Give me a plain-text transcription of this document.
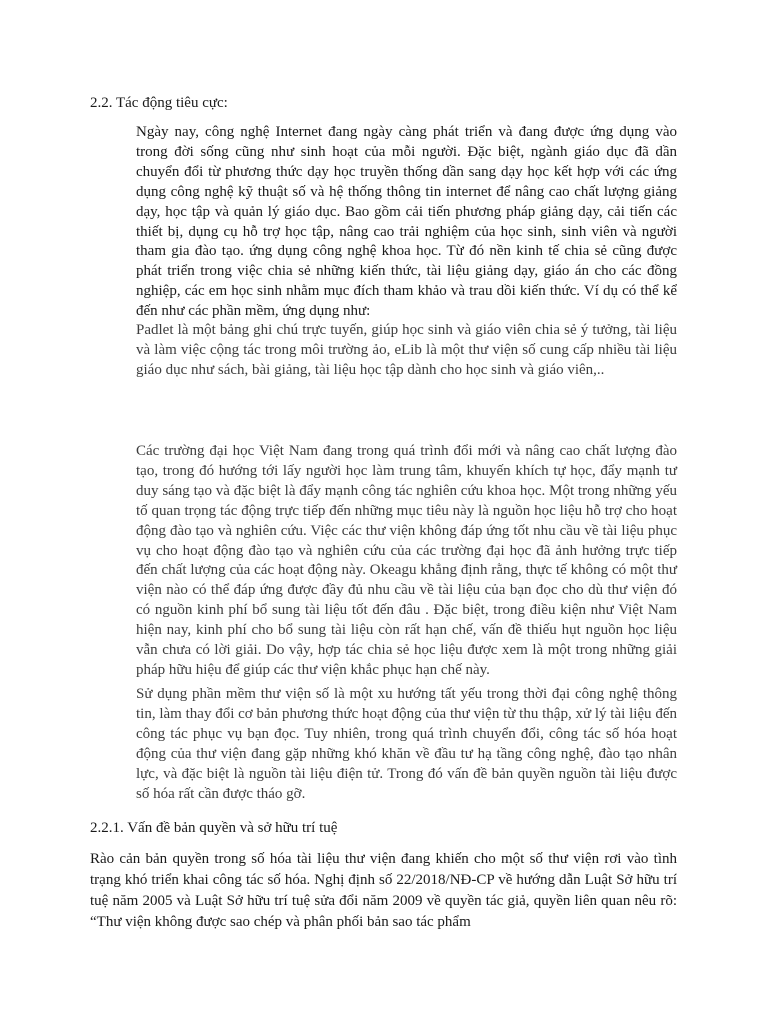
2.2. Tác động tiêu cực:

Ngày nay, công nghệ Internet đang ngày càng phát triển và đang được ứng dụng vào trong đời sống cũng như sinh hoạt của mỗi người. Đặc biệt, ngành giáo dục đã dần chuyển đổi từ phương thức dạy học truyền thống dần sang dạy học kết hợp với các ứng dụng công nghệ kỹ thuật số và hệ thống thông tin internet để nâng cao chất lượng giảng dạy, học tập và quản lý giáo dục. Bao gồm cải tiến phương pháp giảng dạy, cải tiến các thiết bị, dụng cụ hỗ trợ học tập, nâng cao trải nghiệm của học sinh, sinh viên và người tham gia đào tạo. ứng dụng công nghệ khoa học. Từ đó nền kinh tế chia sẻ cũng được phát triển trong việc chia sẻ những kiến thức, tài liệu giảng dạy, giáo án cho các đồng nghiệp, các em học sinh nhằm mục đích tham khảo và trau dồi kiến thức. Ví dụ có thể kể đến như các phần mềm, ứng dụng như:

Padlet là một bảng ghi chú trực tuyến, giúp học sinh và giáo viên chia sẻ ý tưởng, tài liệu và làm việc cộng tác trong môi trường ảo, eLib là một thư viện số cung cấp nhiều tài liệu giáo dục như sách, bài giảng, tài liệu học tập dành cho học sinh và giáo viên,..

Các trường đại học Việt Nam đang trong quá trình đổi mới và nâng cao chất lượng đào tạo, trong đó hướng tới lấy người học làm trung tâm, khuyến khích tự học, đẩy mạnh tư duy sáng tạo và đặc biệt là đẩy mạnh công tác nghiên cứu khoa học. Một trong những yếu tố quan trọng tác động trực tiếp đến những mục tiêu này là nguồn học liệu hỗ trợ cho hoạt động đào tạo và nghiên cứu. Việc các thư viện không đáp ứng tốt nhu cầu về tài liệu phục vụ cho hoạt động đào tạo và nghiên cứu của các trường đại học đã ảnh hưởng trực tiếp đến chất lượng của các hoạt động này. Okeagu khẳng định rằng, thực tế không có một thư viện nào có thể đáp ứng được đầy đủ nhu cầu về tài liệu của bạn đọc cho dù thư viện đó có nguồn kinh phí bổ sung tài liệu tốt đến đâu . Đặc biệt, trong điều kiện như Việt Nam hiện nay, kinh phí cho bổ sung tài liệu còn rất hạn chế, vấn đề thiếu hụt nguồn học liệu vẫn chưa có lời giải. Do vậy, hợp tác chia sẻ học liệu được xem là một trong những giải pháp hữu hiệu để giúp các thư viện khắc phục hạn chế này.

Sử dụng phần mềm thư viện số là một xu hướng tất yếu trong thời đại công nghệ thông tin, làm thay đổi cơ bản phương thức hoạt động của thư viện từ thu thập, xử lý tài liệu đến công tác phục vụ bạn đọc. Tuy nhiên, trong quá trình chuyển đổi, công tác số hóa hoạt động của thư viện đang gặp những khó khăn về đầu tư hạ tầng công nghệ, đào tạo nhân lực, và đặc biệt là nguồn tài liệu điện tử. Trong đó vấn đề bản quyền nguồn tài liệu được số hóa rất cần được tháo gỡ.

2.2.1. Vấn đề bản quyền và sở hữu trí tuệ

Rào cản bản quyền trong số hóa tài liệu thư viện đang khiến cho một số thư viện rơi vào tình trạng khó triển khai công tác số hóa. Nghị định số 22/2018/NĐ-CP về hướng dẫn Luật Sở hữu trí tuệ năm 2005 và Luật Sở hữu trí tuệ sửa đổi năm 2009 về quyền tác giả, quyền liên quan nêu rõ: “Thư viện không được sao chép và phân phối bản sao tác phẩm
